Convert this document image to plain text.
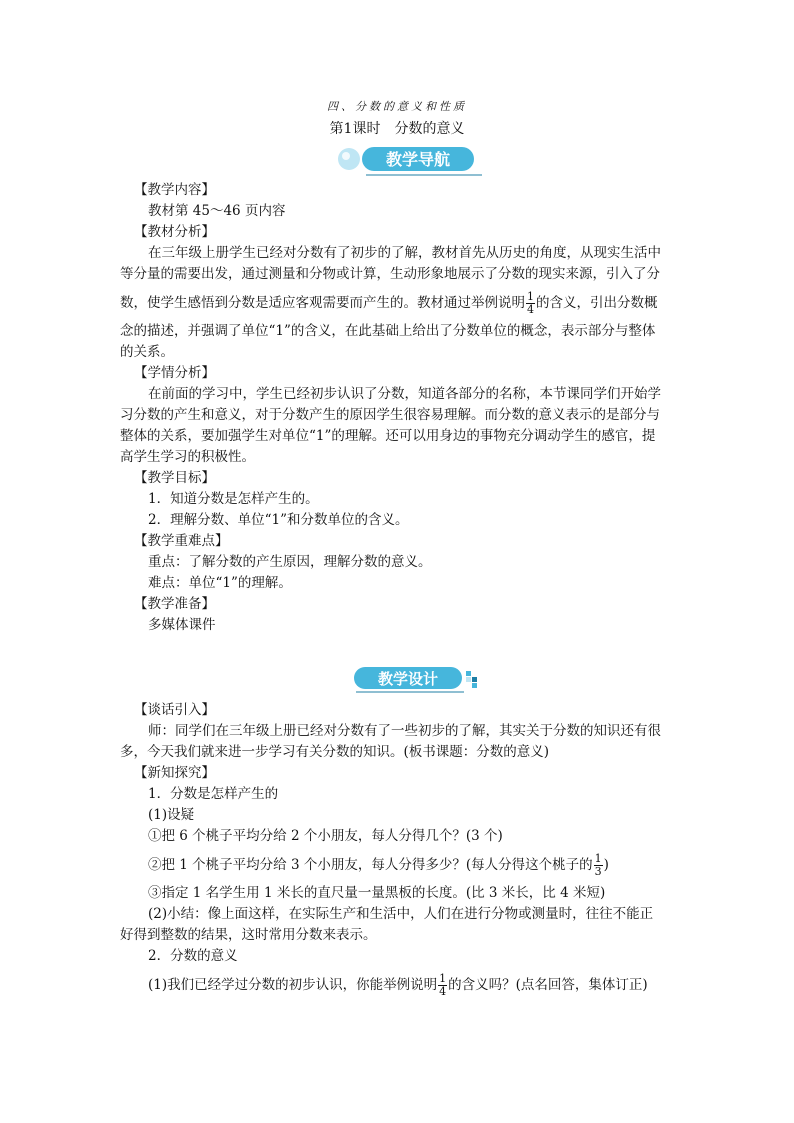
四、分数的意义和性质
第1课时　分数的意义
教学导航

【教学内容】

教材第 45～46 页内容

【教材分析】

在三年级上册学生已经对分数有了初步的了解，教材首先从历史的角度，从现实生活中

等分量的需要出发，通过测量和分物或计算，生动形象地展示了分数的现实来源，引入了分

数，使学生感悟到分数是适应客观需要而产生的。教材通过举例说明 $\frac{1}{4}$ 的含义，引出分数概

念的描述，并强调了单位“1”的含义，在此基础上给出了分数单位的概念，表示部分与整体

的关系。

【学情分析】

在前面的学习中，学生已经初步认识了分数，知道各部分的名称，本节课同学们开始学

习分数的产生和意义，对于分数产生的原因学生很容易理解。而分数的意义表示的是部分与

整体的关系，要加强学生对单位“1”的理解。还可以用身边的事物充分调动学生的感官，提

高学生学习的积极性。

【教学目标】

1．知道分数是怎样产生的。

2．理解分数、单位“1”和分数单位的含义。

【教学重难点】

重点：了解分数的产生原因，理解分数的意义。

难点：单位“1”的理解。

【教学准备】

多媒体课件

教学设计

【谈话引入】

师：同学们在三年级上册已经对分数有了一些初步的了解，其实关于分数的知识还有很

多，今天我们就来进一步学习有关分数的知识。(板书课题：分数的意义)

【新知探究】

1．分数是怎样产生的

(1)设疑

①把 6 个桃子平均分给 2 个小朋友，每人分得几个？(3 个)

②把 1 个桃子平均分给 3 个小朋友，每人分得多少？(每人分得这个桃子的 $\frac{1}{3}$ )

③指定 1 名学生用 1 米长的直尺量一量黑板的长度。(比 3 米长，比 4 米短)

(2)小结：像上面这样，在实际生产和生活中，人们在进行分物或测量时，往往不能正

好得到整数的结果，这时常用分数来表示。

2．分数的意义

(1)我们已经学过分数的初步认识，你能举例说明 $\frac{1}{4}$ 的含义吗？(点名回答，集体订正)
